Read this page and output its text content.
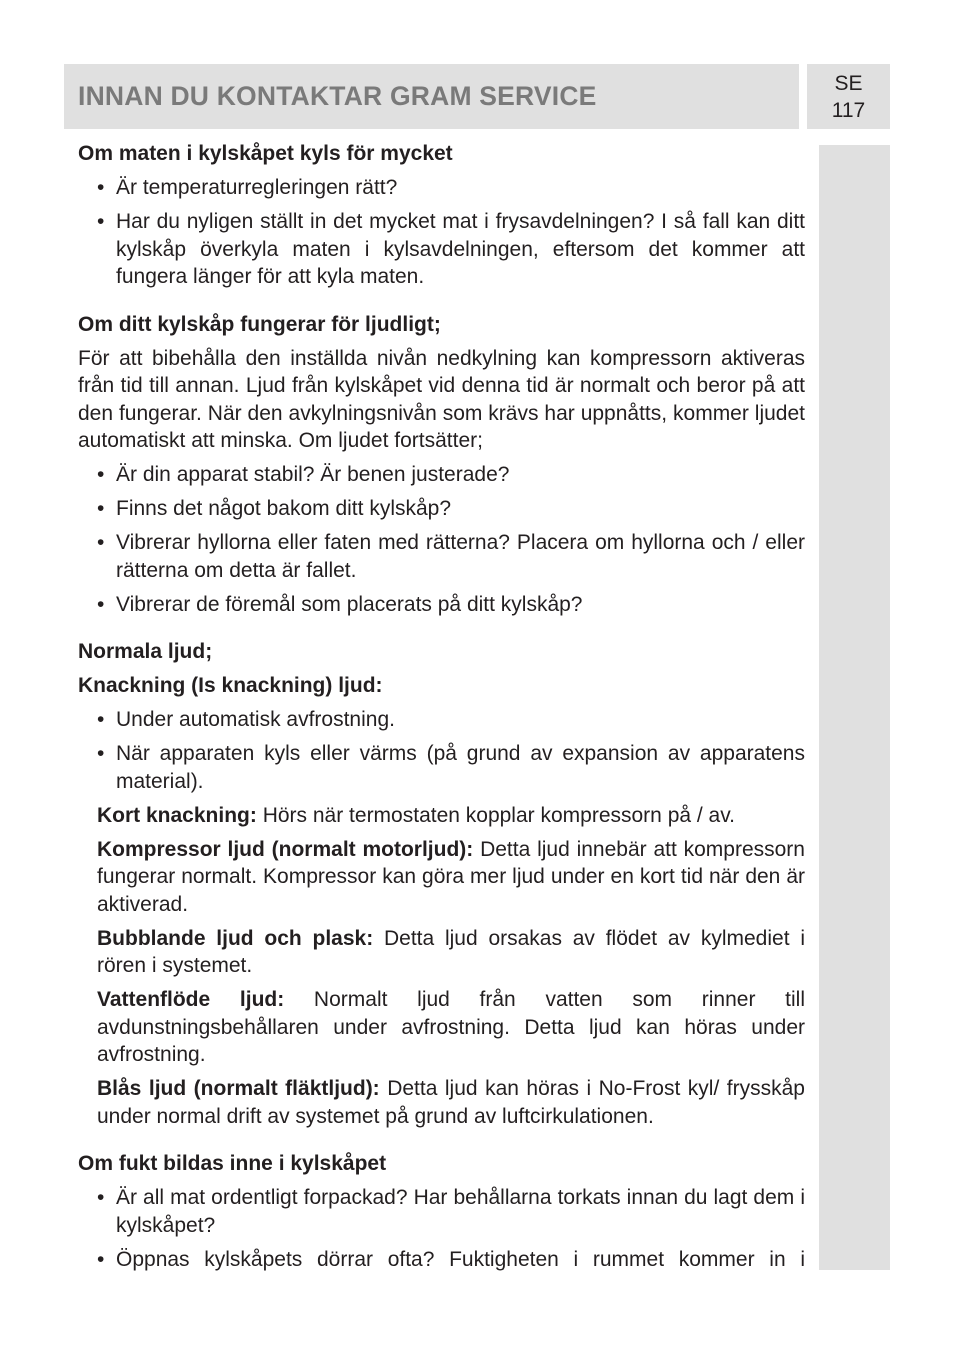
INNAN DU KONTAKTAR GRAM SERVICE	SE
117

Om maten i kylskåpet kyls för mycket

• Är temperaturregleringen rätt?
• Har du nyligen ställt in det mycket mat i frysavdelningen? I så fall kan ditt kylskåp överkyla maten i kylsavdelningen, eftersom det kommer att fungera länger för att kyla maten.

Om ditt kylskåp fungerar för ljudligt;

För att bibehålla den inställda nivån nedkylning kan kompressorn aktiveras från tid till annan. Ljud från kylskåpet vid denna tid är normalt och beror på att den fungerar. När den avkylningsnivån som krävs har uppnåtts, kommer ljudet automatiskt att minska. Om ljudet fortsätter;

• Är din apparat stabil? Är benen justerade?
• Finns det något bakom ditt kylskåp?
• Vibrerar hyllorna eller faten med rätterna? Placera om hyllorna och / eller rätterna om detta är fallet.
• Vibrerar de föremål som placerats på ditt kylskåp?

Normala ljud;

Knackning (Is knackning) ljud:

• Under automatisk avfrostning.
• När apparaten kyls eller värms (på grund av expansion av apparatens material).
Kort knackning: Hörs när termostaten kopplar kompressorn på / av.
Kompressor ljud (normalt motorljud): Detta ljud innebär att kompressorn fungerar normalt. Kompressor kan göra mer ljud under en kort tid när den är aktiverad.
Bubblande ljud och plask: Detta ljud orsakas av flödet av kylmediet i rören i systemet.
Vattenflöde ljud: Normalt ljud från vatten som rinner till avdunstningsbehållaren under avfrostning. Detta ljud kan höras under avfrostning.
Blås ljud (normalt fläktljud): Detta ljud kan höras i No-Frost kyl/ frysskåp under normal drift av systemet på grund av luftcirkulationen.

Om fukt bildas inne i kylskåpet

• Är all mat ordentligt forpackad? Har behållarna torkats innan du lagt dem i kylskåpet?
• Öppnas kylskåpets dörrar ofta? Fuktigheten i rummet kommer in i
